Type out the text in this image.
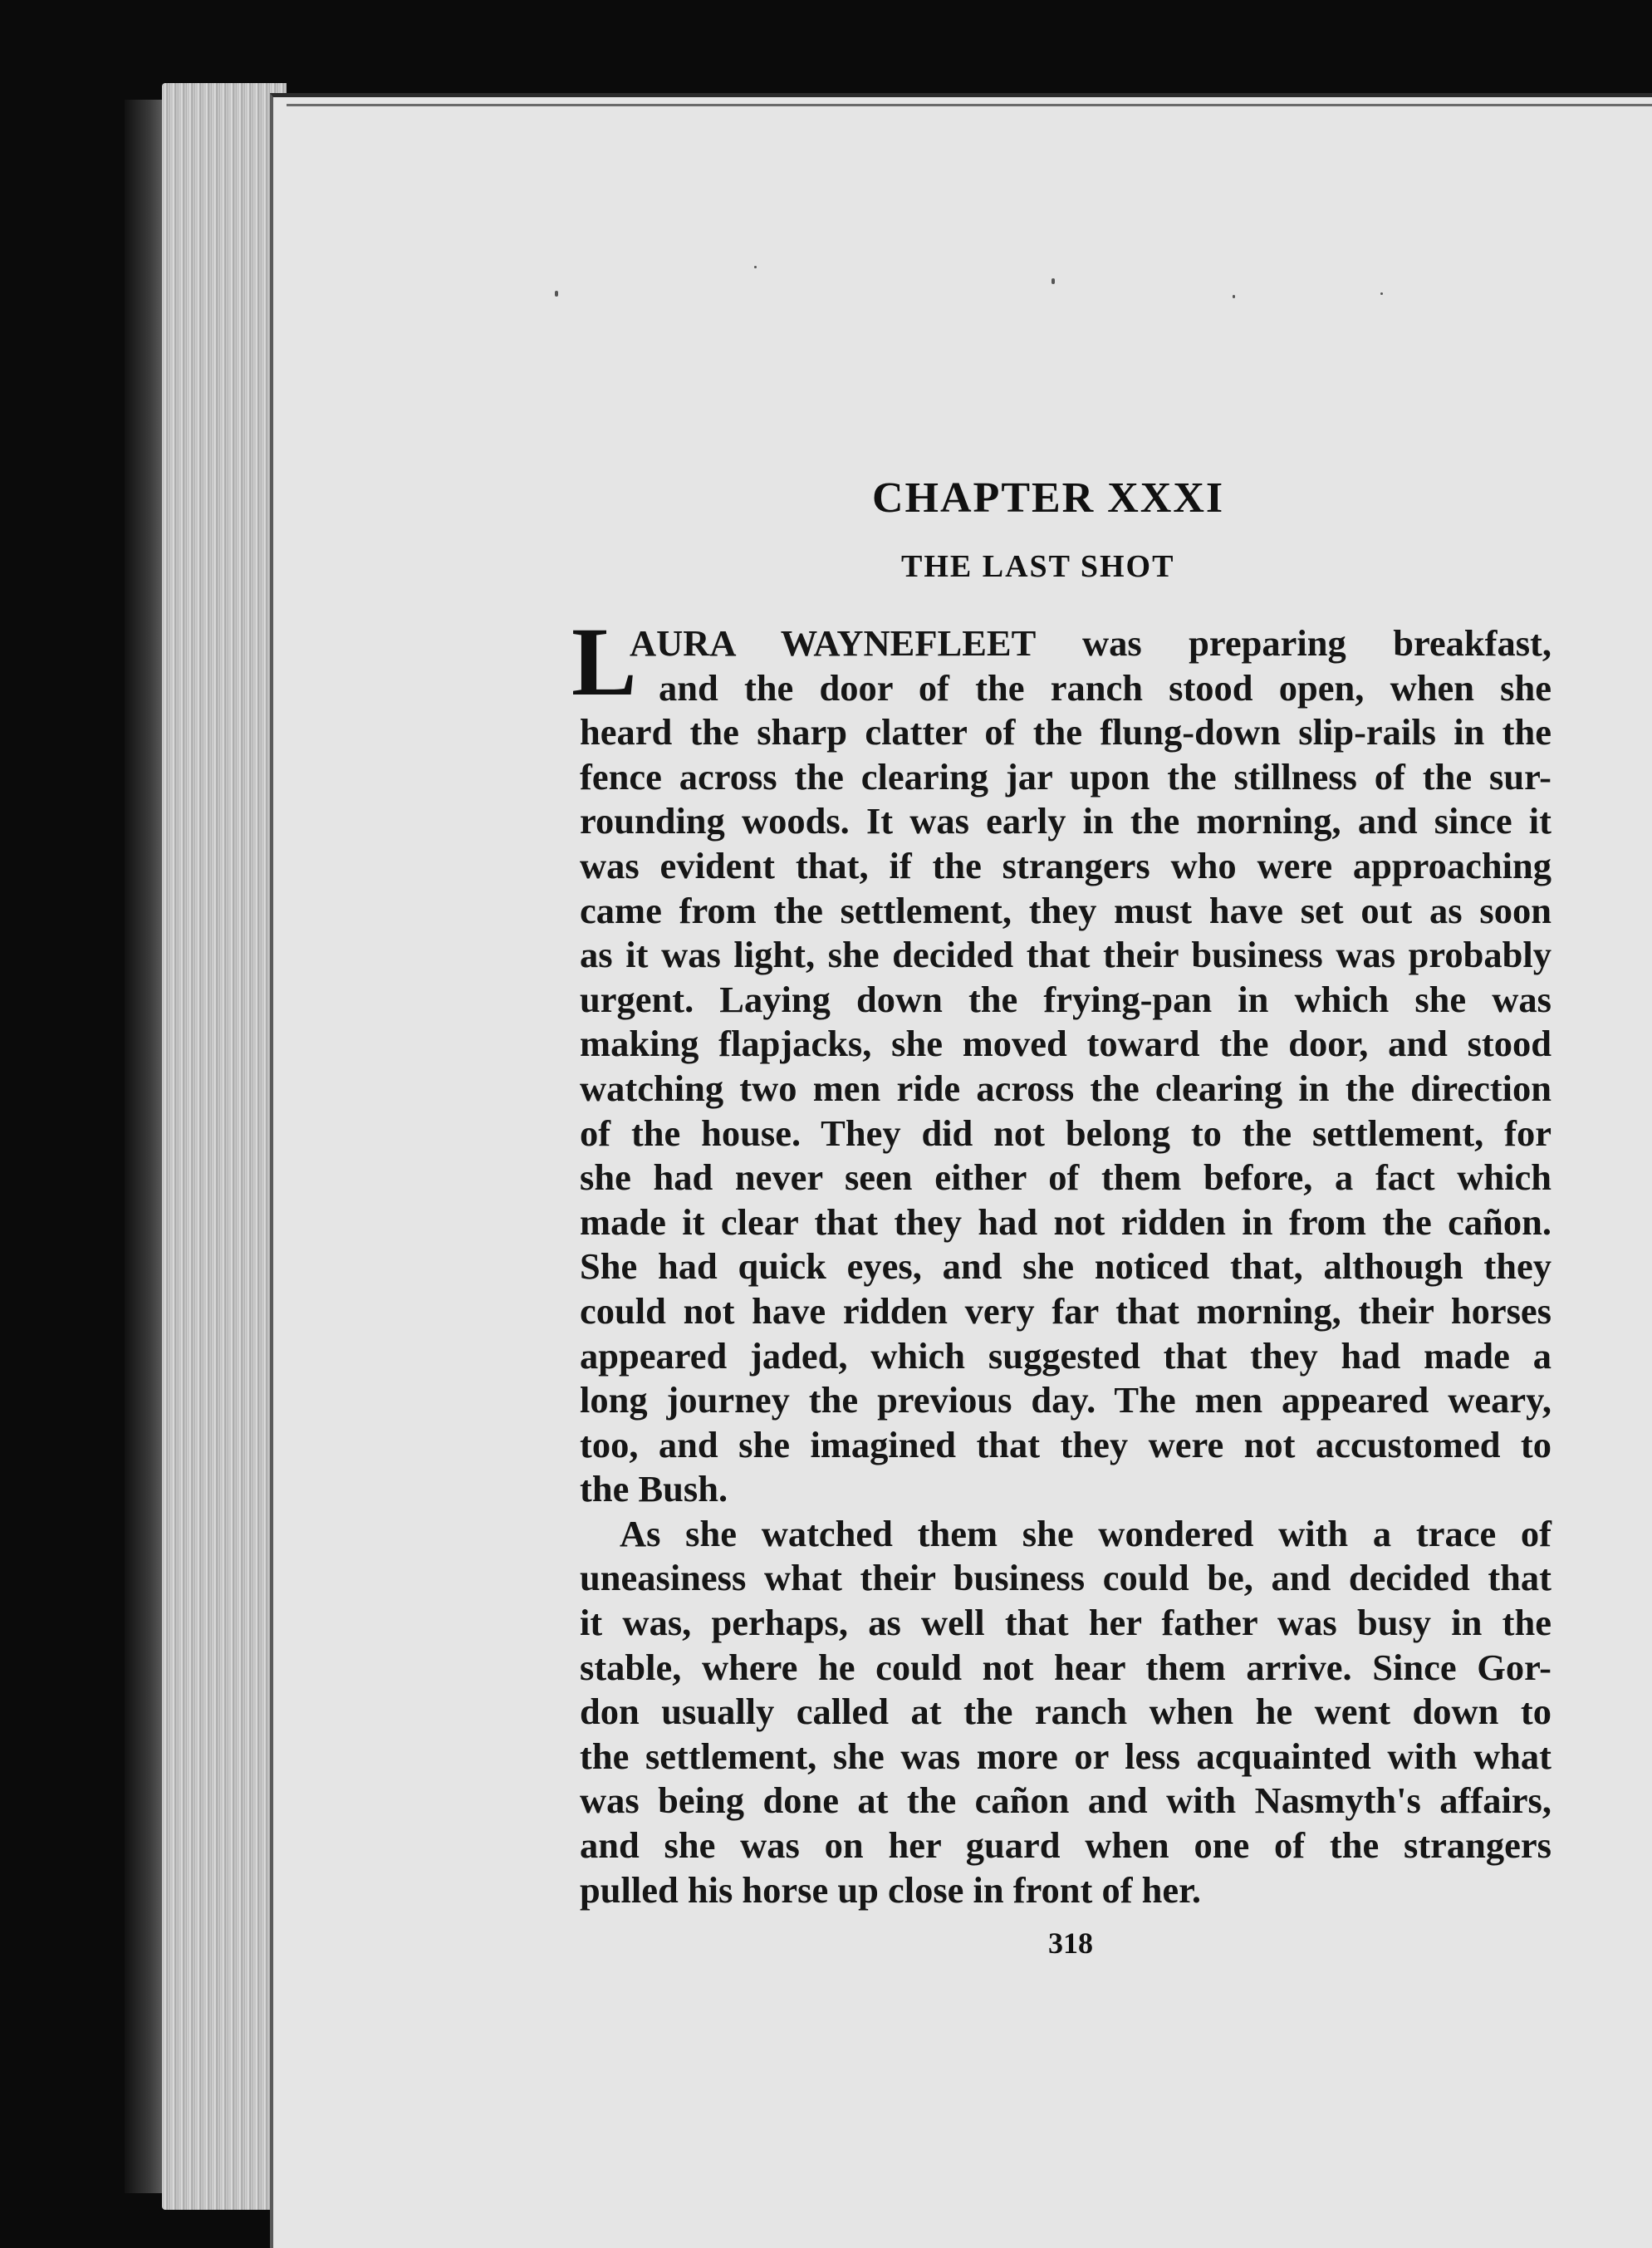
CHAPTER XXXI
THE LAST SHOT
L
AURA WAYNEFLEET was preparing breakfast,
and the door of the ranch stood open, when she
heard the sharp clatter of the flung-down slip-rails in the
fence across the clearing jar upon the stillness of the sur-
rounding woods. It was early in the morning, and since it
was evident that, if the strangers who were approaching
came from the settlement, they must have set out as soon
as it was light, she decided that their business was probably
urgent. Laying down the frying-pan in which she was
making flapjacks, she moved toward the door, and stood
watching two men ride across the clearing in the direction
of the house. They did not belong to the settlement, for
she had never seen either of them before, a fact which
made it clear that they had not ridden in from the cañon.
She had quick eyes, and she noticed that, although they
could not have ridden very far that morning, their horses
appeared jaded, which suggested that they had made a
long journey the previous day. The men appeared weary,
too, and she imagined that they were not accustomed to
the Bush.
As she watched them she wondered with a trace of
uneasiness what their business could be, and decided that
it was, perhaps, as well that her father was busy in the
stable, where he could not hear them arrive. Since Gor-
don usually called at the ranch when he went down to
the settlement, she was more or less acquainted with what
was being done at the cañon and with Nasmyth's affairs,
and she was on her guard when one of the strangers
pulled his horse up close in front of her.
318
